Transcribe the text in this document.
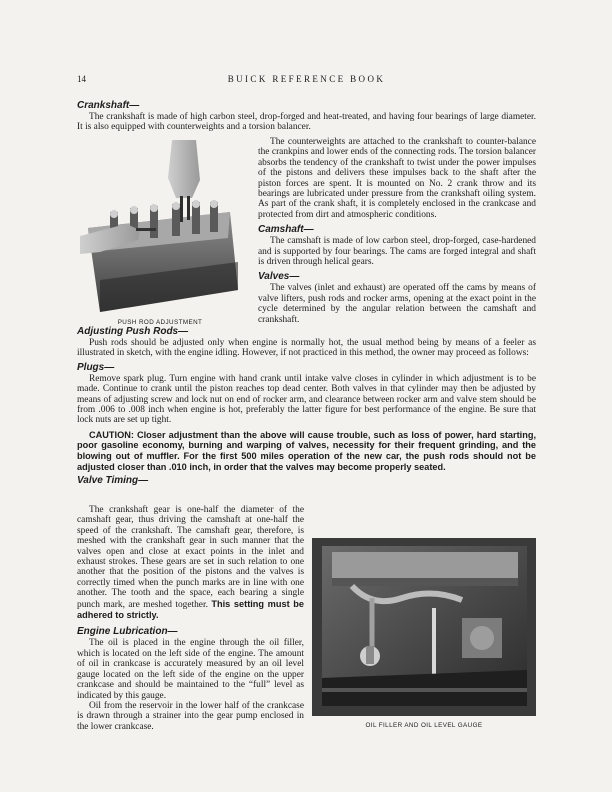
14	BUICK REFERENCE BOOK

Crankshaft—

The crankshaft is made of high carbon steel, drop-forged and heat-treated, and having four bearings of large diameter. It is also equipped with counterweights and a torsion balancer.

PUSH ROD ADJUSTMENT

The counterweights are attached to the crankshaft to counter-balance the crankpins and lower ends of the connecting rods. The torsion balancer absorbs the tendency of the crankshaft to twist under the power impulses of the pistons and delivers these impulses back to the shaft after the piston forces are spent. It is mounted on No. 2 crank throw and its bearings are lubricated under pressure from the crankshaft oiling system. As part of the crank shaft, it is completely enclosed in the crankcase and protected from dirt and atmospheric conditions.

Camshaft—

The camshaft is made of low carbon steel, drop-forged, case-hardened and is supported by four bearings. The cams are forged integral and shaft is driven through helical gears.

Valves—

The valves (inlet and exhaust) are operated off the cams by means of valve lifters, push rods and rocker arms, opening at the exact point in the cycle determined by the angular relation between the camshaft and crankshaft.

Adjusting Push Rods—

Push rods should be adjusted only when engine is normally hot, the usual method being by means of a feeler as illustrated in sketch, with the engine idling. However, if not practiced in this method, the owner may proceed as follows:

Plugs—

Remove spark plug. Turn engine with hand crank until intake valve closes in cylinder in which adjustment is to be made. Continue to crank until the piston reaches top dead center. Both valves in that cylinder may then be adjusted by means of adjusting screw and lock nut on end of rocker arm, and clearance between rocker arm and valve stem should be from .006 to .008 inch when engine is hot, preferably the latter figure for best performance of the engine. Be sure that lock nuts are set up tight.

CAUTION: Closer adjustment than the above will cause trouble, such as loss of power, hard starting, poor gasoline economy, burning and warping of valves, necessity for their frequent grinding, and the blowing out of muffler. For the first 500 miles operation of the new car, the push rods should not be adjusted closer than .010 inch, in order that the valves may become properly seated.

Valve Timing—

The crankshaft gear is one-half the diameter of the camshaft gear, thus driving the camshaft at one-half the speed of the crankshaft. The camshaft gear, therefore, is meshed with the crankshaft gear in such manner that the valves open and close at exact points in the inlet and exhaust strokes. These gears are set in such relation to one another that the position of the pistons and the valves is correctly timed when the punch marks are in line with one another. The tooth and the space, each bearing a single punch mark, are meshed together. This setting must be adhered to strictly.

Engine Lubrication—

The oil is placed in the engine through the oil filler, which is located on the left side of the engine. The amount of oil in crankcase is accurately measured by an oil level gauge located on the left side of the engine on the upper crankcase and should be maintained to the “full” level as indicated by this gauge.

Oil from the reservoir in the lower half of the crankcase is drawn through a strainer into the gear pump enclosed in the lower crankcase.	OIL FILLER AND OIL LEVEL GAUGE
